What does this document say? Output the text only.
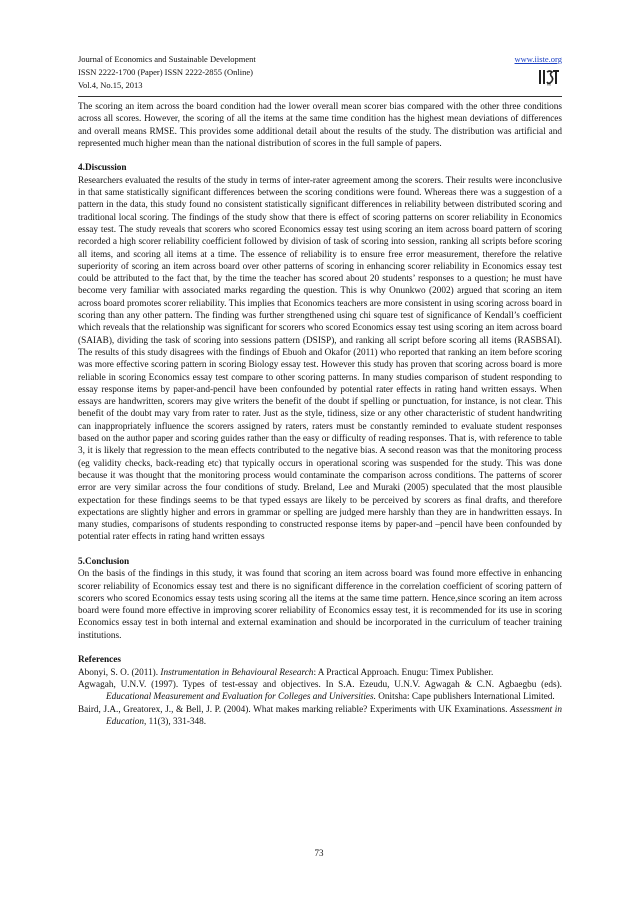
Journal of Economics and Sustainable Development
ISSN 2222-1700 (Paper) ISSN 2222-2855 (Online)
Vol.4, No.15, 2013
www.iiste.org
IISE

The scoring an item across the board condition had the lower overall mean scorer bias compared with the other three conditions across all scores. However, the scoring of all the items at the same time condition has the highest mean deviations of differences and overall means RMSE. This provides some additional detail about the results of the study. The distribution was artificial and represented much higher mean than the national distribution of scores in the full sample of papers.

4.Discussion

Researchers evaluated the results of the study in terms of inter-rater agreement among the scorers. Their results were inconclusive in that same statistically significant differences between the scoring conditions were found. Whereas there was a suggestion of a pattern in the data, this study found no consistent statistically significant differences in reliability between distributed scoring and traditional local scoring. The findings of the study show that there is effect of scoring patterns on scorer reliability in Economics essay test. The study reveals that scorers who scored Economics essay test using scoring an item across board pattern of scoring recorded a high scorer reliability coefficient followed by division of task of scoring into session, ranking all scripts before scoring all items, and scoring all items at a time. The essence of reliability is to ensure free error measurement, therefore the relative superiority of scoring an item across board over other patterns of scoring in enhancing scorer reliability in Economics essay test could be attributed to the fact that, by the time the teacher has scored about 20 students’ responses to a question; he must have become very familiar with associated marks regarding the question. This is why Onunkwo (2002) argued that scoring an item across board promotes scorer reliability. This implies that Economics teachers are more consistent in using scoring across board in scoring than any other pattern. The finding was further strengthened using chi square test of significance of Kendall’s coefficient which reveals that the relationship was significant for scorers who scored Economics essay test using scoring an item across board (SAIAB), dividing the task of scoring into sessions pattern (DSISP), and ranking all script before scoring all items (RASBSAI). The results of this study disagrees with the findings of Ebuoh and Okafor (2011) who reported that ranking an item before scoring was more effective scoring pattern in scoring Biology essay test. However this study has proven that scoring across board is more reliable in scoring Economics essay test compare to other scoring patterns. In many studies comparison of student responding to essay response items by paper-and-pencil have been confounded by potential rater effects in rating hand written essays. When essays are handwritten, scorers may give writers the benefit of the doubt if spelling or punctuation, for instance, is not clear. This benefit of the doubt may vary from rater to rater. Just as the style, tidiness, size or any other characteristic of student handwriting can inappropriately influence the scorers assigned by raters, raters must be constantly reminded to evaluate student responses based on the author paper and scoring guides rather than the easy or difficulty of reading responses. That is, with reference to table 3, it is likely that regression to the mean effects contributed to the negative bias. A second reason was that the monitoring process (eg validity checks, back-reading etc) that typically occurs in operational scoring was suspended for the study. This was done because it was thought that the monitoring process would contaminate the comparison across conditions. The patterns of scorer error are very similar across the four conditions of study. Breland, Lee and Muraki (2005) speculated that the most plausible expectation for these findings seems to be that typed essays are likely to be perceived by scorers as final drafts, and therefore expectations are slightly higher and errors in grammar or spelling are judged mere harshly than they are in handwritten essays. In many studies, comparisons of students responding to constructed response items by paper-and –pencil have been confounded by potential rater effects in rating hand written essays

5.Conclusion

On the basis of the findings in this study, it was found that scoring an item across board was found more effective in enhancing scorer reliability of Economics essay test and there is no significant difference in the correlation coefficient of scoring pattern of scorers who scored Economics essay tests using scoring all the items at the same time pattern. Hence,since scoring an item across board were found more effective in improving scorer reliability of Economics essay test, it is recommended for its use in scoring Economics essay test in both internal and external examination and should be incorporated in the curriculum of teacher training institutions.

References

Abonyi, S. O. (2011). Instrumentation in Behavioural Research: A Practical Approach. Enugu: Timex Publisher.

Agwagah, U.N.V. (1997). Types of test-essay and objectives. In S.A. Ezeudu, U.N.V. Agwagah & C.N. Agbaegbu (eds). Educational Measurement and Evaluation for Colleges and Universities. Onitsha: Cape publishers International Limited.

Baird, J.A., Greatorex, J., & Bell, J. P. (2004). What makes marking reliable? Experiments with UK Examinations. Assessment in Education, 11(3), 331-348.

73
